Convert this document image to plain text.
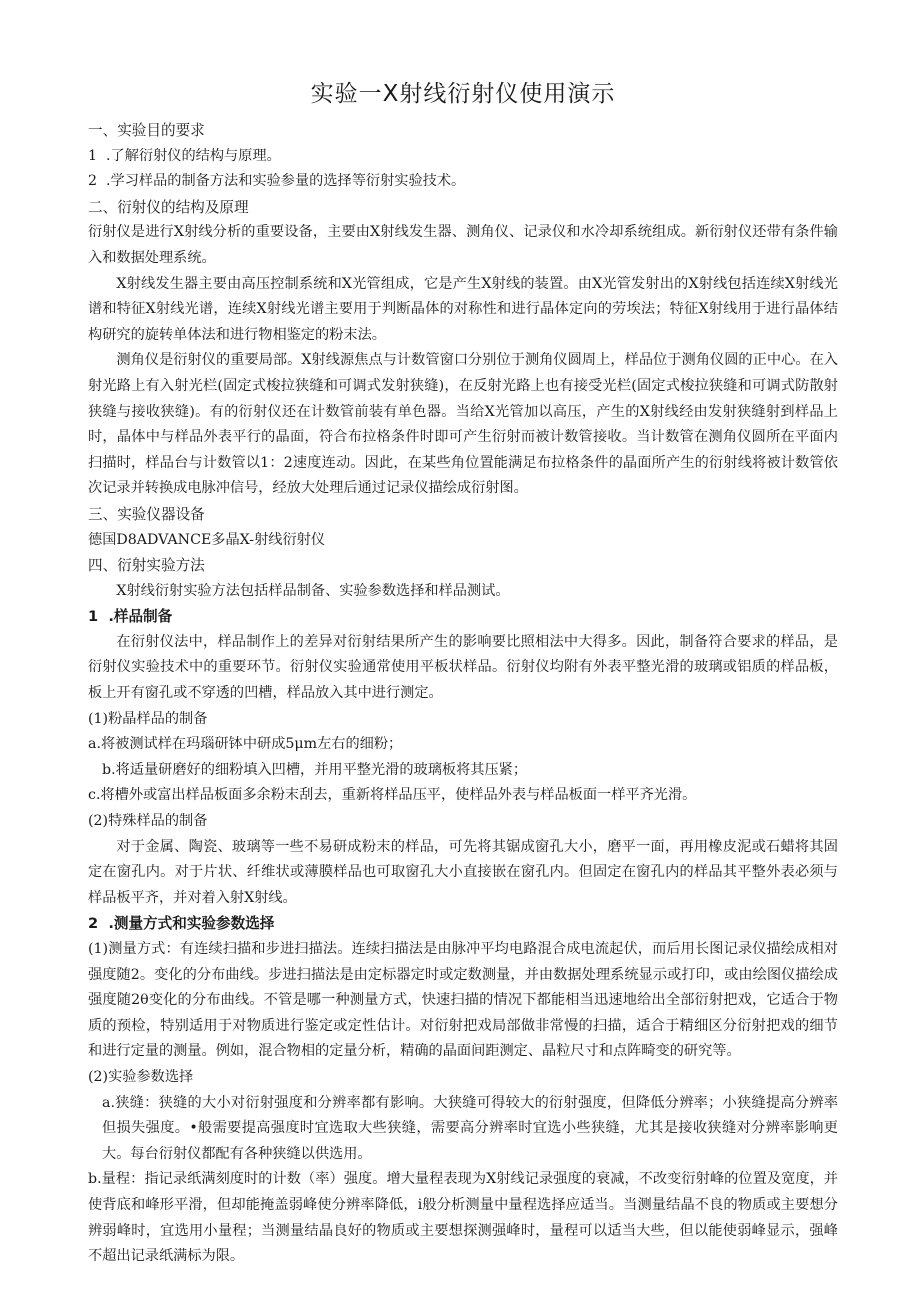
实验一X射线衍射仪使用演示
一、实验目的要求

1  .了解衍射仪的结构与原理。

2  .学习样品的制备方法和实验参量的选择等衍射实验技术。

二、衍射仪的结构及原理

衍射仪是进行X射线分析的重要设备，主要由X射线发生器、测角仪、记录仪和水冷却系统组成。新衍射仪还带有条件输入和数据处理系统。

X射线发生器主要由高压控制系统和X光管组成，它是产生X射线的装置。由X光管发射出的X射线包括连续X射线光谱和特征X射线光谱，连续X射线光谱主要用于判断晶体的对称性和进行晶体定向的劳埃法；特征X射线用于进行晶体结构研究的旋转单体法和进行物相鉴定的粉末法。

测角仪是衍射仪的重要局部。X射线源焦点与计数管窗口分别位于测角仪圆周上，样品位于测角仪圆的正中心。在入射光路上有入射光栏(固定式梭拉狭缝和可调式发射狭缝)，在反射光路上也有接受光栏(固定式梭拉狭缝和可调式防散射狭缝与接收狭缝)。有的衍射仪还在计数管前装有单色器。当给X光管加以高压，产生的X射线经由发射狭缝射到样品上时，晶体中与样品外表平行的晶面，符合布拉格条件时即可产生衍射而被计数管接收。当计数管在测角仪圆所在平面内扫描时，样品台与计数管以1：2速度连动。因此，在某些角位置能满足布拉格条件的晶面所产生的衍射线将被计数管依次记录并转换成电脉冲信号，经放大处理后通过记录仪描绘成衍射图。

三、实验仪器设备

德国D8ADVANCE多晶X-射线衍射仪

四、衍射实验方法

X射线衍射实验方法包括样品制备、实验参数选择和样品测试。

1  .样品制备

在衍射仪法中，样品制作上的差异对衍射结果所产生的影响要比照相法中大得多。因此，制备符合要求的样品，是衍射仪实验技术中的重要环节。衍射仪实验通常使用平板状样品。衍射仪均附有外表平整光滑的玻璃或铝质的样品板，板上开有窗孔或不穿透的凹槽，样品放入其中进行测定。

(1)粉晶样品的制备

a.将被测试样在玛瑙研钵中研成5μm左右的细粉；

b.将适量研磨好的细粉填入凹槽，并用平整光滑的玻璃板将其压紧；

c.将槽外或富出样品板面多余粉末刮去，重新将样品压平，使样品外表与样品板面一样平齐光滑。

(2)特殊样品的制备

对于金属、陶瓷、玻璃等一些不易研成粉末的样品，可先将其锯成窗孔大小，磨平一面，再用橡皮泥或石蜡将其固定在窗孔内。对于片状、纤维状或薄膜样品也可取窗孔大小直接嵌在窗孔内。但固定在窗孔内的样品其平整外表必须与样品板平齐，并对着入射X射线。

2  .测量方式和实验参数选择

(1)测量方式：有连续扫描和步进扫描法。连续扫描法是由脉冲平均电路混合成电流起伏，而后用长图记录仪描绘成相对强度随2。变化的分布曲线。步进扫描法是由定标器定时或定数测量，并由数据处理系统显示或打印，或由绘图仪描绘成强度随2θ变化的分布曲线。不管是哪一种测量方式，快速扫描的情况下都能相当迅速地给出全部衍射把戏，它适合于物质的预检，特别适用于对物质进行鉴定或定性估计。对衍射把戏局部做非常慢的扫描，适合于精细区分衍射把戏的细节和进行定量的测量。例如，混合物相的定量分析，精确的晶面间距测定、晶粒尺寸和点阵畸变的研究等。

(2)实验参数选择

a.狭缝：狭缝的大小对衍射强度和分辨率都有影响。大狭缝可得较大的衍射强度，但降低分辨率；小狭缝提高分辨率但损失强度。•般需要提高强度时宜选取大些狭缝，需要高分辨率时宜选小些狭缝，尤其是接收狭缝对分辨率影响更大。每台衍射仪都配有各种狭缝以供选用。

b.量程：指记录纸满刻度时的计数（率）强度。增大量程表现为X射线记录强度的衰减，不改变衍射峰的位置及宽度，并使背底和峰形平滑，但却能掩盖弱峰使分辨率降低，i般分析测量中量程选择应适当。当测量结晶不良的物质或主要想分辨弱峰时，宜选用小量程；当测量结晶良好的物质或主要想探测强峰时，量程可以适当大些，但以能使弱峰显示，强峰不超出记录纸满标为限。
